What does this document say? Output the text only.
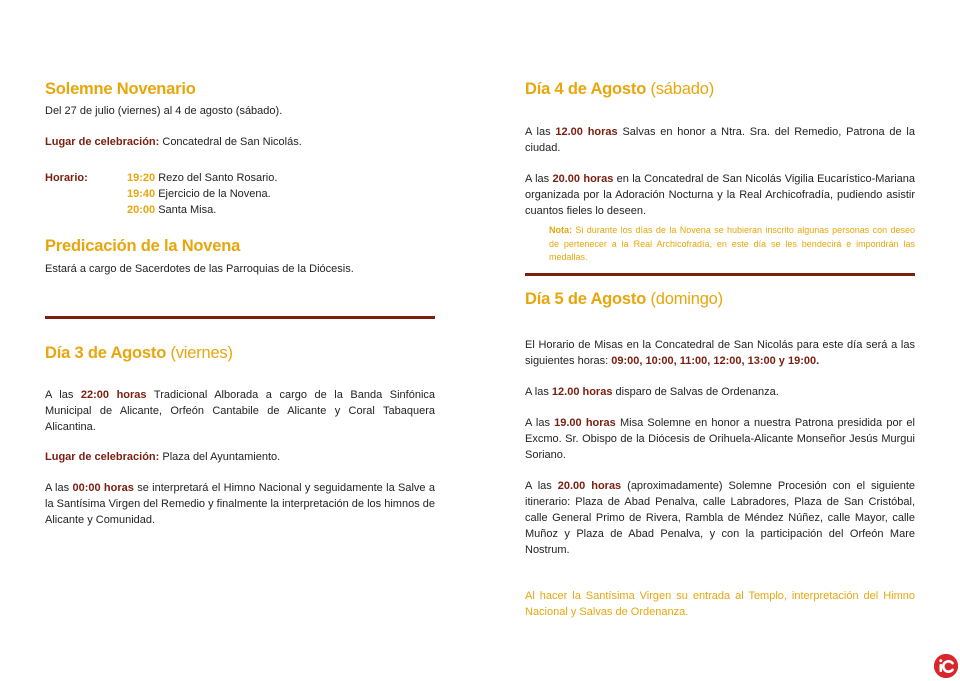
Solemne Novenario

Del 27 de julio (viernes) al 4 de agosto (sábado).

Lugar de celebración: Concatedral de San Nicolás.

Horario:	19:20 Rezo del Santo Rosario.
19:40 Ejercicio de la Novena.
20:00 Santa Misa.
Predicación de la Novena

Estará a cargo de Sacerdotes de las Parroquias de la Diócesis.

Día 3 de Agosto (viernes)

A las 22:00 horas Tradicional Alborada a cargo de la Banda Sinfónica Municipal de Alicante, Orfeón Cantabile de Alicante y Coral Tabaquera Alicantina.

Lugar de celebración: Plaza del Ayuntamiento.

A las 00:00 horas se interpretará el Himno Nacional y seguidamente la Salve a la Santísima Virgen del Remedio y finalmente la interpretación de los himnos de Alicante y Comunidad.

Día 4 de Agosto (sábado)

A las 12.00 horas Salvas en honor a Ntra. Sra. del Remedio, Patrona de la ciudad.

A las 20.00 horas en la Concatedral de San Nicolás Vigilia Eucarístico-Mariana organizada por la Adoración Nocturna y la Real Archicofradía, pudiendo asistir cuantos fieles lo deseen.

Nota: Si durante los días de la Novena se hubieran inscrito algunas personas con deseo de pertenecer a la Real Archicofradía, en este día se les bendecirá e impondrán las medallas.

Día 5 de Agosto (domingo)

El Horario de Misas en la Concatedral de San Nicolás para este día será a las siguientes horas: 09:00, 10:00, 11:00, 12:00, 13:00 y 19:00.

A las 12.00 horas disparo de Salvas de Ordenanza.

A las 19.00 horas Misa Solemne en honor a nuestra Patrona presidida por el Excmo. Sr. Obispo de la Diócesis de Orihuela-Alicante Monseñor Jesús Murgui Soriano.

A las 20.00 horas (aproximadamente) Solemne Procesión con el siguiente itinerario: Plaza de Abad Penalva, calle Labradores, Plaza de San Cristóbal, calle General Primo de Rivera, Rambla de Méndez Núñez, calle Mayor, calle Muñoz y Plaza de Abad Penalva, y con la participación del Orfeón Mare Nostrum.

Al hacer la Santísima Virgen su entrada al Templo, interpretación del Himno Nacional y Salvas de Ordenanza.
